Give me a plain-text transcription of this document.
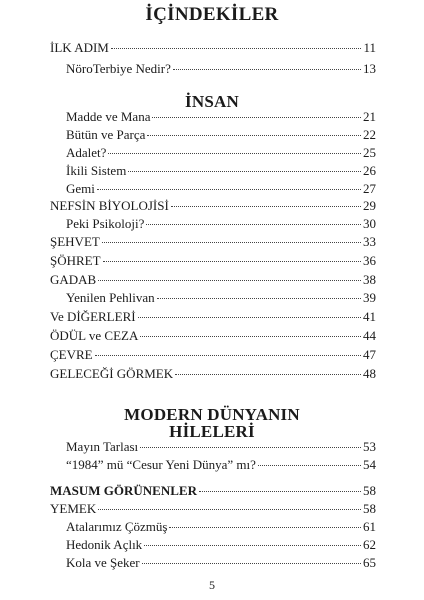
İÇİNDEKİLER
İNSAN
MODERN DÜNYANIN
HİLELERİ
İLK ADIM	11
NöroTerbiye Nedir?	13
Madde ve Mana	21
Bütün ve Parça	22
Adalet?	25
İkili Sistem	26
Gemi	27
NEFSİN BİYOLOJİSİ	29
Peki Psikoloji?	30
ŞEHVET	33
ŞÖHRET	36
GADAB	38
Yenilen Pehlivan	39
Ve DİĞERLERİ	41
ÖDÜL ve CEZA	44
ÇEVRE	47
GELECEĞİ GÖRMEK	48
Mayın Tarlası	53
“1984” mü “Cesur Yeni Dünya” mı?	54
MASUM GÖRÜNENLER	58
YEMEK	58
Atalarımız Çözmüş	61
Hedonik Açlık	62
Kola ve Şeker	65
5
